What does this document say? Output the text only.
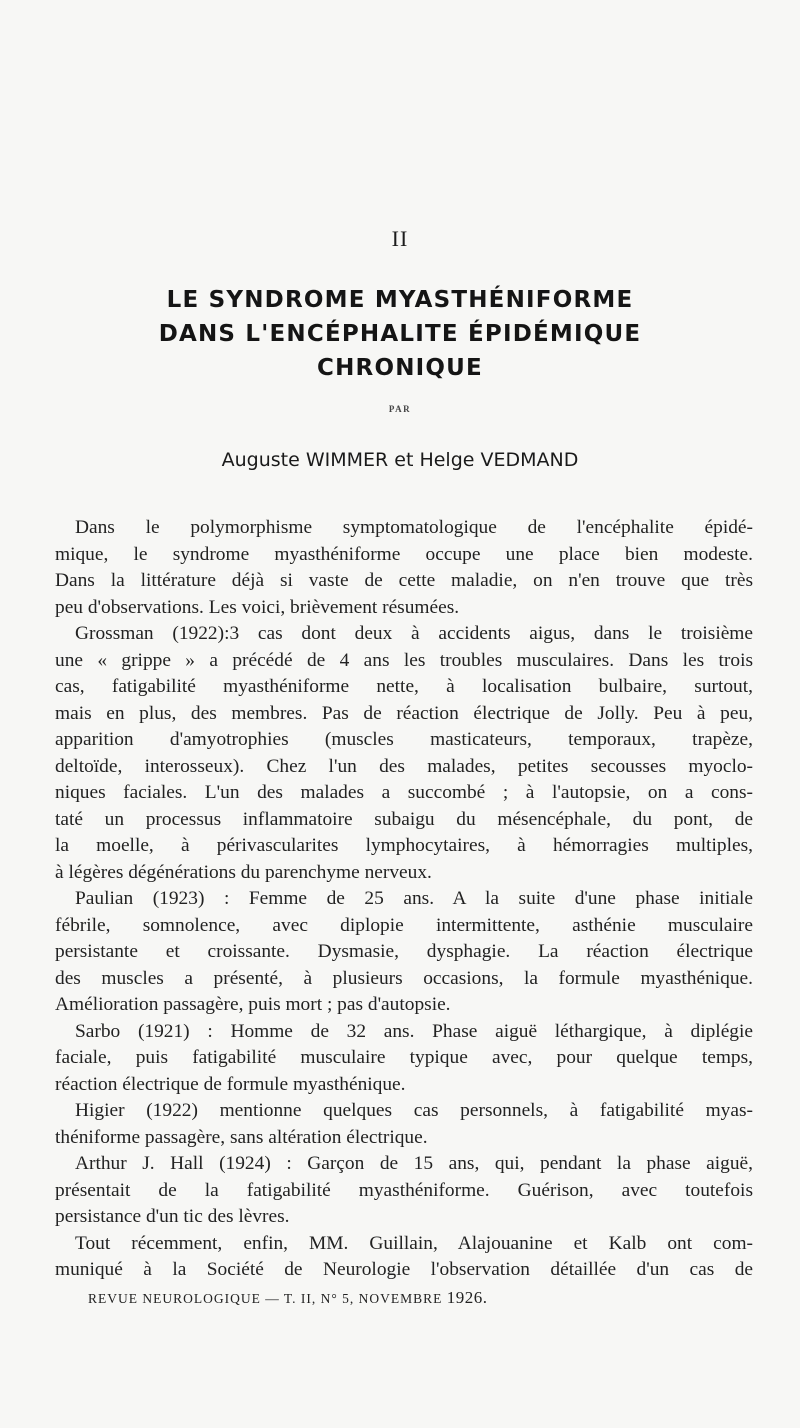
II
LE SYNDROME MYASTHÉNIFORME
DANS L'ENCÉPHALITE ÉPIDÉMIQUE
CHRONIQUE
PAR
Auguste WIMMER et Helge VEDMAND
Dans le polymorphisme symptomatologique de l'encéphalite épidé-
mique, le syndrome myasthéniforme occupe une place bien modeste.
Dans la littérature déjà si vaste de cette maladie, on n'en trouve que très
peu d'observations. Les voici, brièvement résumées.
Grossman (1922):3 cas dont deux à accidents aigus, dans le troisième
une « grippe » a précédé de 4 ans les troubles musculaires. Dans les trois
cas, fatigabilité myasthéniforme nette, à localisation bulbaire, surtout,
mais en plus, des membres. Pas de réaction électrique de Jolly. Peu à peu,
apparition d'amyotrophies (muscles masticateurs, temporaux, trapèze,
deltoïde, interosseux). Chez l'un des malades, petites secousses myoclo-
niques faciales. L'un des malades a succombé ; à l'autopsie, on a cons-
taté un processus inflammatoire subaigu du mésencéphale, du pont, de
la moelle, à périvascularites lymphocytaires, à hémorragies multiples,
à légères dégénérations du parenchyme nerveux.
Paulian (1923) : Femme de 25 ans. A la suite d'une phase initiale
fébrile, somnolence, avec diplopie intermittente, asthénie musculaire
persistante et croissante. Dysmasie, dysphagie. La réaction électrique
des muscles a présenté, à plusieurs occasions, la formule myasthénique.
Amélioration passagère, puis mort ; pas d'autopsie.
Sarbo (1921) : Homme de 32 ans. Phase aiguë léthargique, à diplégie
faciale, puis fatigabilité musculaire typique avec, pour quelque temps,
réaction électrique de formule myasthénique.
Higier (1922) mentionne quelques cas personnels, à fatigabilité myas-
théniforme passagère, sans altération électrique.
Arthur J. Hall (1924) : Garçon de 15 ans, qui, pendant la phase aiguë,
présentait de la fatigabilité myasthéniforme. Guérison, avec toutefois
persistance d'un tic des lèvres.
Tout récemment, enfin, MM. Guillain, Alajouanine et Kalb ont com-
muniqué à la Société de Neurologie l'observation détaillée d'un cas de
REVUE NEUROLOGIQUE — T. II, N° 5, NOVEMBRE 1926.
